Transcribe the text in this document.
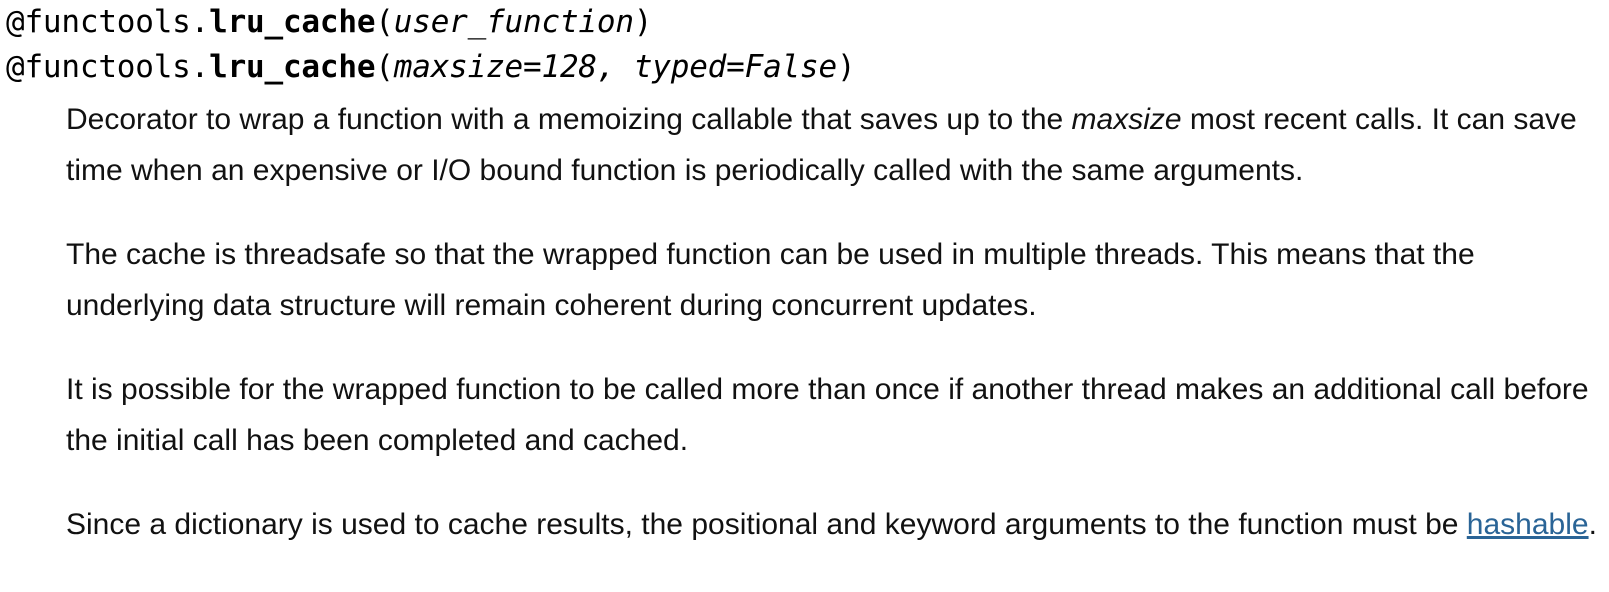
@functools.lru_cache(user_function)
@functools.lru_cache(maxsize=128, typed=False)

Decorator to wrap a function with a memoizing callable that saves up to the maxsize most recent calls. It can save time when an expensive or I/O bound function is periodically called with the same arguments.

The cache is threadsafe so that the wrapped function can be used in multiple threads. This means that the underlying data structure will remain coherent during concurrent updates.

It is possible for the wrapped function to be called more than once if another thread makes an additional call before the initial call has been completed and cached.

Since a dictionary is used to cache results, the positional and keyword arguments to the function must be hashable.
